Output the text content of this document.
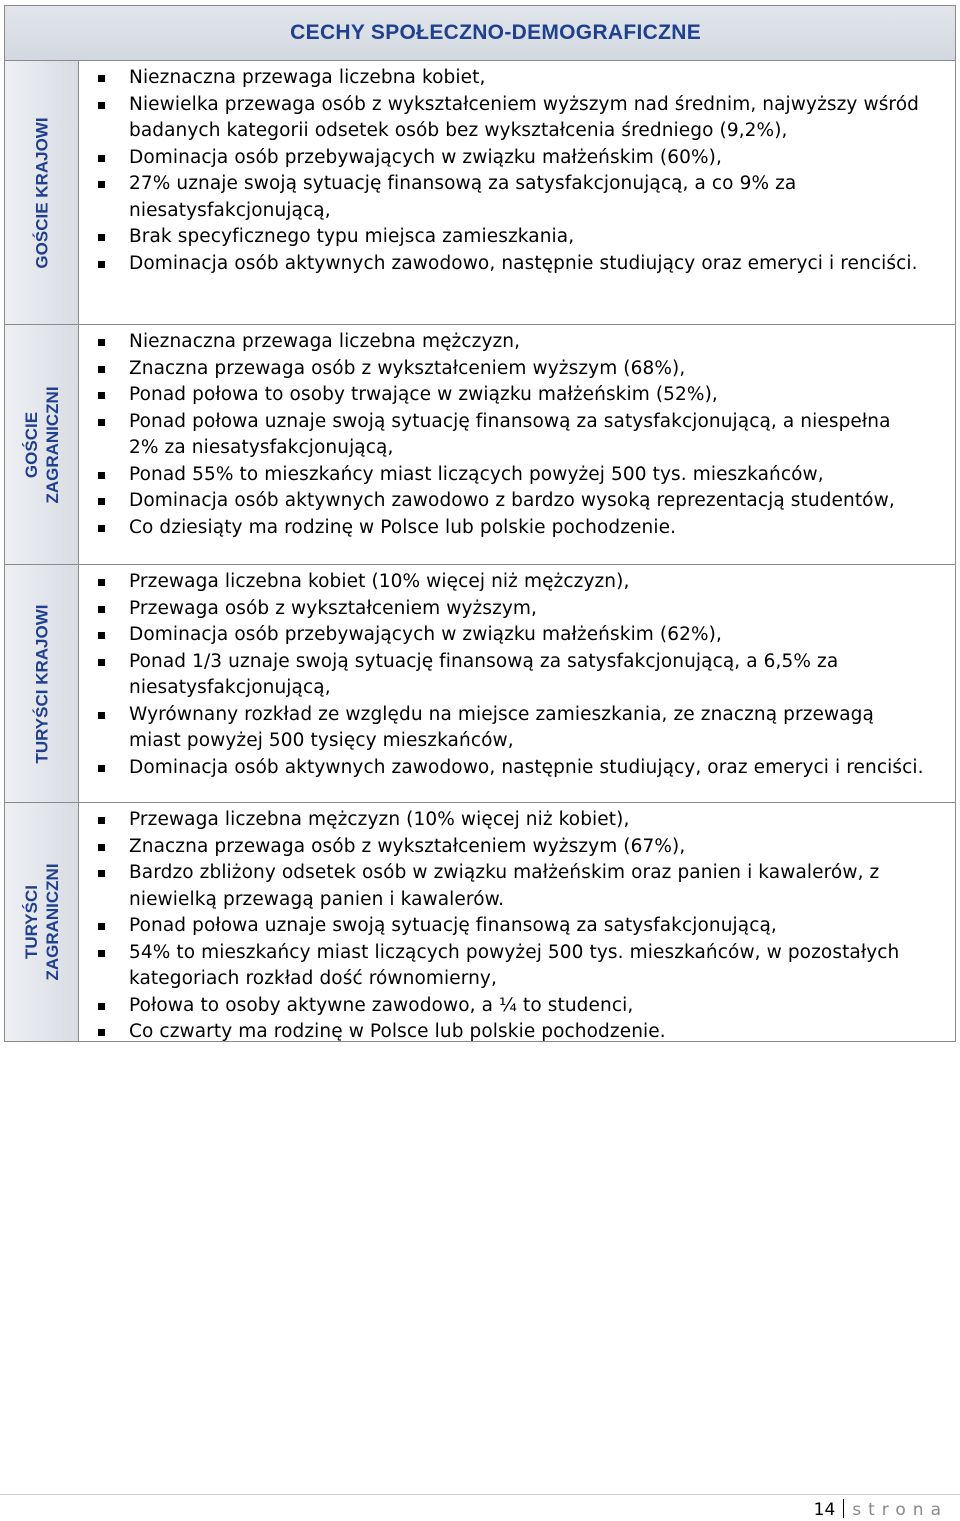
CECHY SPOŁECZNO-DEMOGRAFICZNE
GOŚCIE KRAJOWI
Nieznaczna przewaga liczebna kobiet,
Niewielka przewaga osób z wykształceniem wyższym nad średnim, najwyższy wśród badanych kategorii odsetek osób bez wykształcenia średniego (9,2%),
Dominacja osób przebywających w związku małżeńskim (60%),
27% uznaje swoją sytuację finansową za satysfakcjonującą, a co 9% za niesatysfakcjonującą,
Brak specyficznego typu miejsca zamieszkania,
Dominacja osób aktywnych zawodowo, następnie studiujący oraz emeryci i renciści.
GOŚCIE ZAGRANICZNI
Nieznaczna przewaga liczebna mężczyzn,
Znaczna przewaga osób z wykształceniem wyższym (68%),
Ponad połowa to osoby trwające w związku małżeńskim (52%),
Ponad połowa uznaje swoją sytuację finansową za satysfakcjonującą, a niespełna 2% za niesatysfakcjonującą,
Ponad 55% to mieszkańcy miast liczących powyżej 500 tys. mieszkańców,
Dominacja osób aktywnych zawodowo z bardzo wysoką reprezentacją studentów,
Co dziesiąty ma rodzinę w Polsce lub polskie pochodzenie.
TURYŚCI KRAJOWI
Przewaga liczebna kobiet (10% więcej niż mężczyzn),
Przewaga osób z wykształceniem wyższym,
Dominacja osób przebywających w związku małżeńskim (62%),
Ponad 1/3 uznaje swoją sytuację finansową za satysfakcjonującą, a 6,5% za niesatysfakcjonującą,
Wyrównany rozkład ze względu na miejsce zamieszkania, ze znaczną przewagą miast powyżej 500 tysięcy mieszkańców,
Dominacja osób aktywnych zawodowo, następnie studiujący, oraz emeryci i renciści.
TURYŚCI ZAGRANICZNI
Przewaga liczebna mężczyzn (10% więcej niż kobiet),
Znaczna przewaga osób z wykształceniem wyższym (67%),
Bardzo zbliżony odsetek osób w związku małżeńskim oraz panien i kawalerów, z niewielką przewagą panien i kawalerów.
Ponad połowa uznaje swoją sytuację finansową za satysfakcjonującą,
54% to mieszkańcy miast liczących powyżej 500 tys. mieszkańców, w pozostałych kategoriach rozkład dość równomierny,
Połowa to osoby aktywne zawodowo, a ¼ to studenci,
Co czwarty ma rodzinę w Polsce lub polskie pochodzenie.
14 strona
